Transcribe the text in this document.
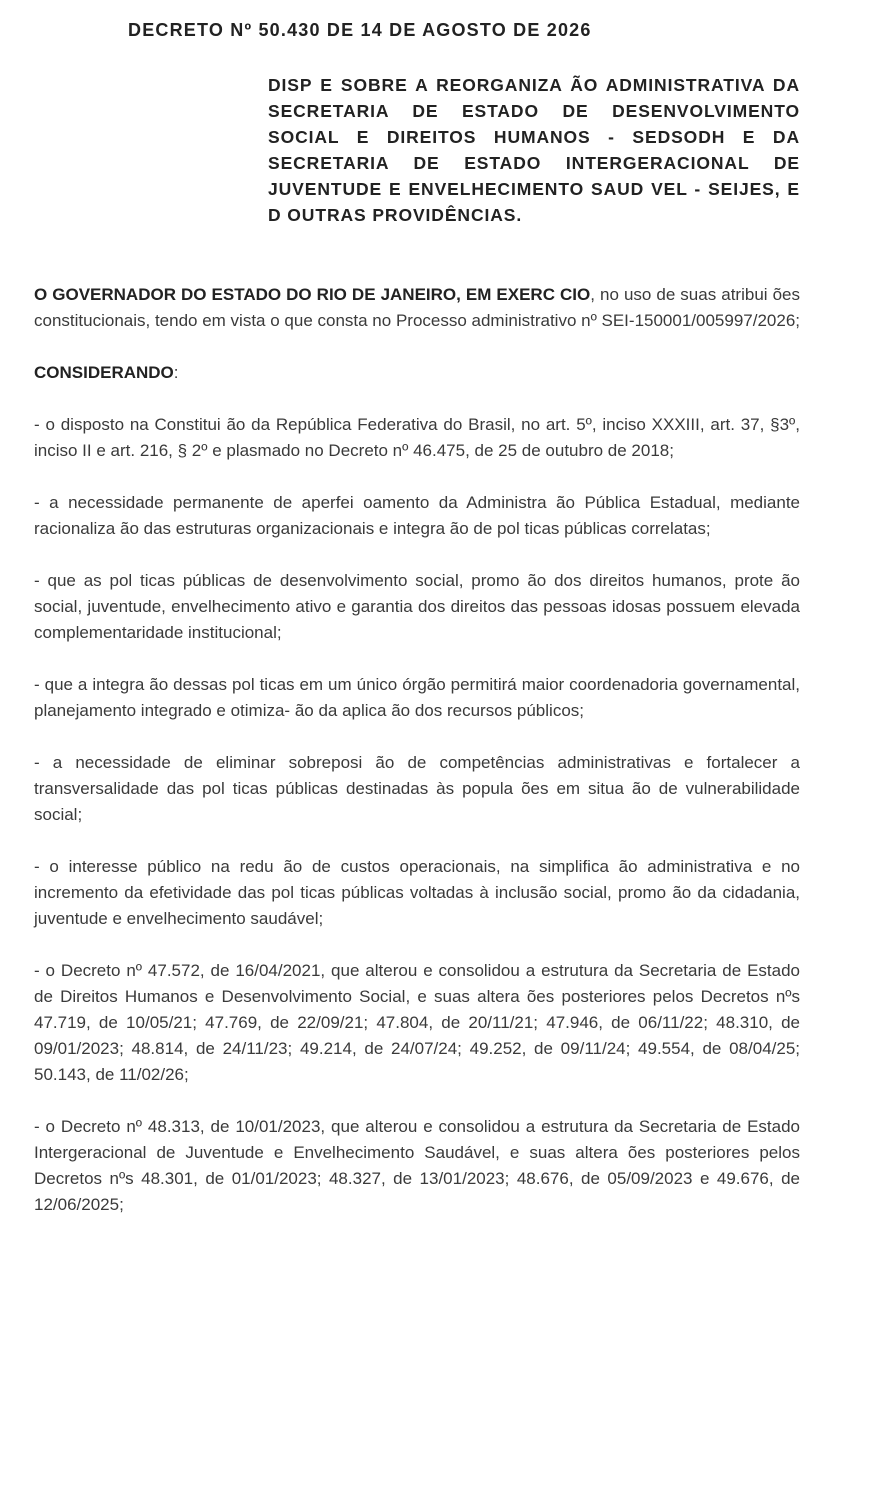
DECRETO Nº 50.430 DE 14 DE AGOSTO DE 2026

DISP E SOBRE A REORGANIZA ÃO ADMINISTRATIVA DA SECRETARIA DE ESTADO DE DESENVOLVIMENTO SOCIAL E DIREITOS HUMANOS - SEDSODH E DA SECRETARIA DE ESTADO INTERGERACIONAL DE JUVENTUDE E ENVELHECIMENTO SAUD VEL - SEIJES, E D OUTRAS PROVIDÊNCIAS.

O GOVERNADOR DO ESTADO DO RIO DE JANEIRO, EM EXERC CIO, no uso de suas atribui ões constitucionais, tendo em vista o que consta no Processo administrativo nº SEI-150001/005997/2026;

CONSIDERANDO:

- o disposto na Constitui ão da República Federativa do Brasil, no art. 5º, inciso XXXIII, art. 37, §3º, inciso II e art. 216, § 2º e plasmado no Decreto nº 46.475, de 25 de outubro de 2018;

- a necessidade permanente de aperfei oamento da Administra ão Pública Estadual, mediante racionaliza ão das estruturas organizacionais e integra ão de pol ticas públicas correlatas;

- que as pol ticas públicas de desenvolvimento social, promo ão dos direitos humanos, prote ão social, juventude, envelhecimento ativo e garantia dos direitos das pessoas idosas possuem elevada complementaridade institucional;

- que a integra ão dessas pol ticas em um único órgão permitirá maior coordenadoria governamental, planejamento integrado e otimiza- ão da aplica ão dos recursos públicos;

- a necessidade de eliminar sobreposi ão de competências administrativas e fortalecer a transversalidade das pol ticas públicas destinadas às popula ões em situa ão de vulnerabilidade social;

- o interesse público na redu ão de custos operacionais, na simplifica ão administrativa e no incremento da efetividade das pol ticas públicas voltadas à inclusão social, promo ão da cidadania, juventude e envelhecimento saudável;

- o Decreto nº 47.572, de 16/04/2021, que alterou e consolidou a estrutura da Secretaria de Estado de Direitos Humanos e Desenvolvimento Social, e suas altera ões posteriores pelos Decretos nºs 47.719, de 10/05/21; 47.769, de 22/09/21; 47.804, de 20/11/21; 47.946, de 06/11/22; 48.310, de 09/01/2023; 48.814, de 24/11/23; 49.214, de 24/07/24; 49.252, de 09/11/24; 49.554, de 08/04/25; 50.143, de 11/02/26;

- o Decreto nº 48.313, de 10/01/2023, que alterou e consolidou a estrutura da Secretaria de Estado Intergeracional de Juventude e Envelhecimento Saudável, e suas altera ões posteriores pelos Decretos nºs 48.301, de 01/01/2023; 48.327, de 13/01/2023; 48.676, de 05/09/2023 e 49.676, de 12/06/2025;
